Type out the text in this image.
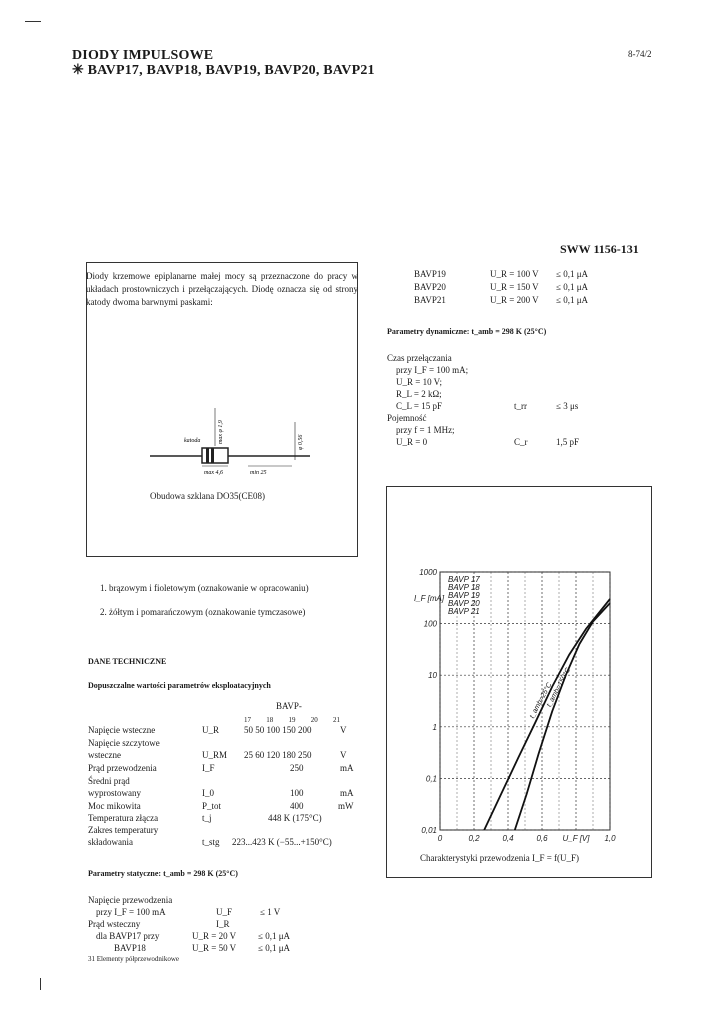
DIODY IMPULSOWE
✳ BAVP17, BAVP18, BAVP19, BAVP20, BAVP21
8-74/2
SWW 1156-131
Diody krzemowe epiplanarne małej mocy są przeznaczone do pracy w układach prostowniczych i przełączających. Diodę oznacza się od strony katody dwoma barwnymi paskami:
katoda
max 4,6	min 25
max φ 1,9	φ 0,56
Obudowa szklana DO35(CE08)
1. brązowym i fioletowym (oznakowanie w opracowaniu)
2. żółtym i pomarańczowym (oznakowanie tymczasowe)
DANE TECHNICZNE
Dopuszczalne wartości parametrów eksploatacyjnych
BAVP-
17 18 19 20 21
Napięcie wsteczne	U_R	50 50 100 150 200	V
Napięcie szczytowe wsteczne	U_RM 25 60 120 180 250	V
Prąd przewodzenia	I_F	250	mA
Średni prąd wyprostowany	I_0	100	mA
Moc mikowita	P_tot	400	mW
Temperatura złącza	t_j	448 K (175°C)
Zakres temperatury składowania	t_stg 223...423 K (−55...+150°C)
Parametry statyczne: t_amb = 298 K (25°C)
Napięcie przewodzenia
przy I_F = 100 mA	U_F	≤ 1 V
Prąd wsteczny	I_R
dla BAVP17 przy	U_R = 20 V ≤ 0,1 μA
BAVP18	U_R = 50 V ≤ 0,1 μA
31 Elementy półprzewodnikowe
BAVP19	U_R = 100 V ≤ 0,1 μA
BAVP20	U_R = 150 V ≤ 0,1 μA
BAVP21	U_R = 200 V ≤ 0,1 μA
Parametry dynamiczne: t_amb = 298 K (25°C)
Czas przełączania
przy I_F = 100 mA;
U_R = 10 V;
R_L = 2 kΩ;
C_L = 15 pF	t_rr	≤ 3 μs
Pojemność
przy f = 1 MHz;
U_R = 0	C_r	1,5 pF
1000
100
10
1
0,1
0,01
0	0,2	0,4	0,6 U_F [V] 1,0
t_amb=25°C
t_amb=150°C
BAVP 17
BAVP 18
BAVP 19
BAVP 20
BAVP 21
I_F [mA]
Charakterystyki przewodzenia I_F = f(U_F)
